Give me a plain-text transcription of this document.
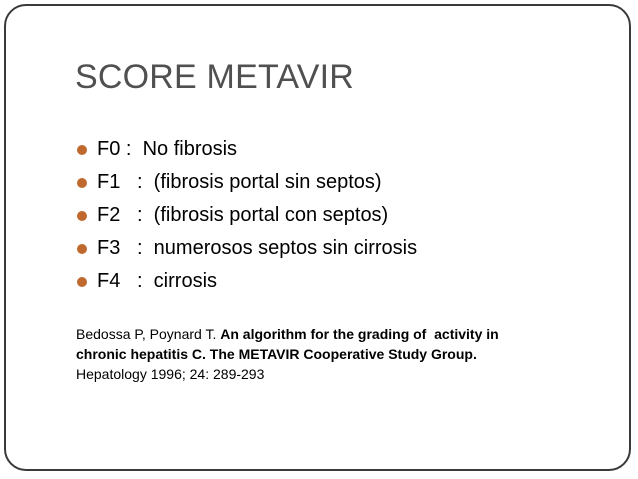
SCORE METAVIR
F0 :  No fibrosis
F1   :  (fibrosis portal sin septos)
F2   :  (fibrosis portal con septos)
F3   :  numerosos septos sin cirrosis
F4   :  cirrosis
Bedossa P, Poynard T. An algorithm for the grading of  activity in
chronic hepatitis C. The METAVIR Cooperative Study Group.
Hepatology 1996; 24: 289-293
